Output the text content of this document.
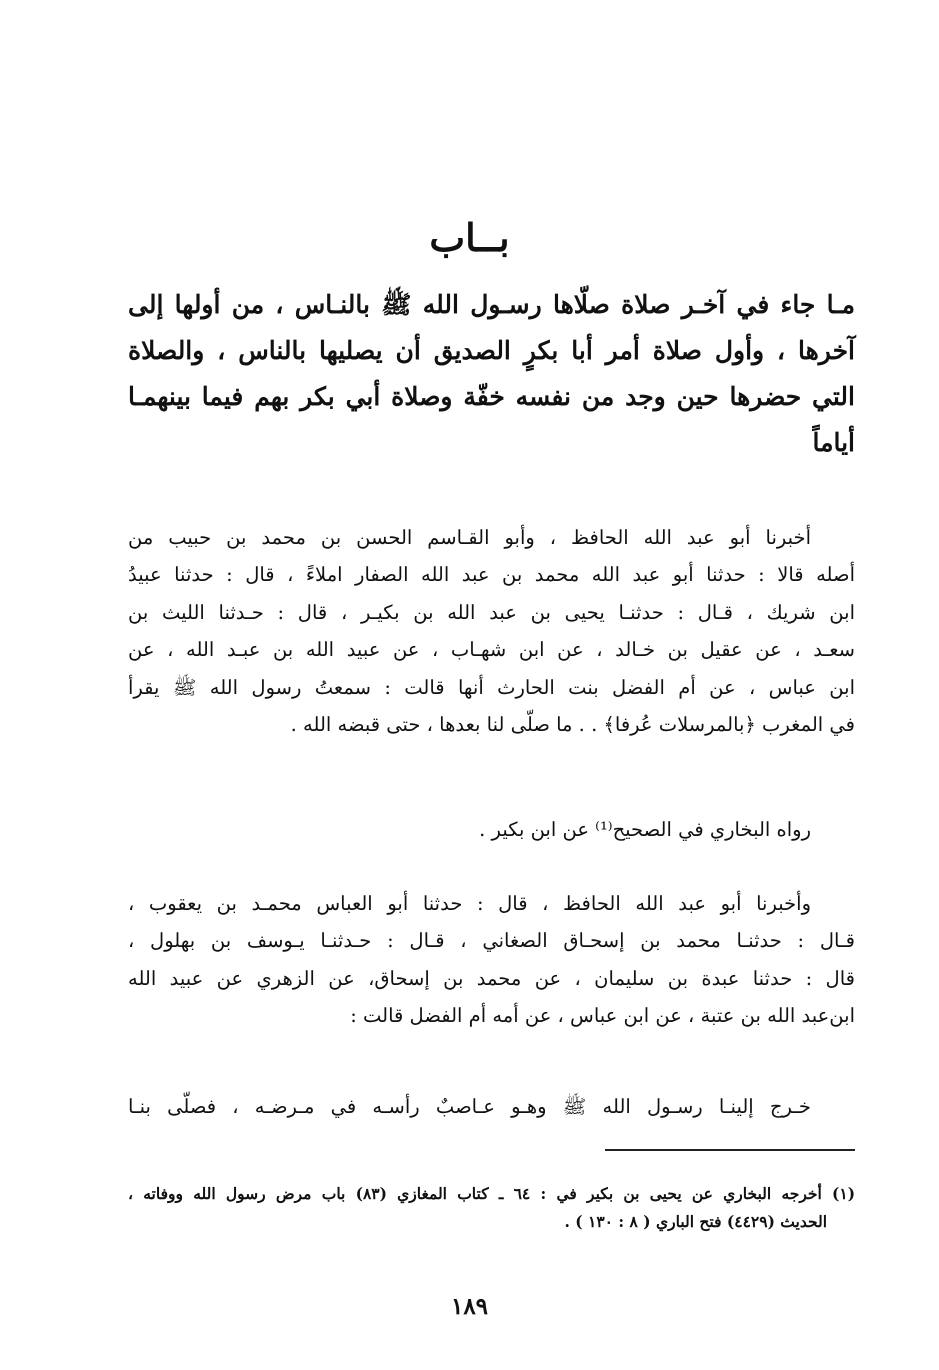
بــاب
مـا جاء في آخـر صلاة صلّاها رسـول الله ﷺ بالنـاس ، من أولها إلى
آخرها ، وأول صلاة أمر أبا بكرٍ الصديق أن يصليها بالناس ، والصلاة
التي حضرها حين وجد من نفسه خفّة وصلاة أبي بكر بهم فيما بينهمـا
أياماً

أخبرنا أبو عبد الله الحافظ ، وأبو القـاسم الحسن بن محمد بن حبيب من
أصله قالا : حدثنا أبو عبد الله محمد بن عبد الله الصفار املاءً ، قال : حدثنا عبيدُ
ابن شريك ، قـال : حدثنـا يحيى بن عبد الله بن بكيـر ، قال : حـدثنا الليث بن
سعـد ، عن عقيل بن خـالد ، عن ابن شهـاب ، عن عبيد الله بن عبـد الله ، عن
ابن عباس ، عن أم الفضل بنت الحارث أنها قالت : سمعتُ رسول الله ﷺ يقرأ
في المغرب ﴿بالمرسلات عُرفا﴾ . . ما صلّى لنا بعدها ، حتى قبضه الله .

رواه البخاري في الصحيح⁽¹⁾ عن ابن بكير .

وأخبرنا أبو عبد الله الحافظ ، قال : حدثنا أبو العباس محمـد بن يعقوب ،
قـال : حدثنـا محمد بن إسحـاق الصغاني ، قـال : حـدثنـا يـوسف بن بهلول ،
قال : حدثنا عبدة بن سليمان ، عن محمد بن إسحاق، عن الزهري عن عبيد الله
ابن‌عبد الله بن عتبة ، عن ابن عباس ، عن أمه أم الفضل قالت :

خـرج إلينـا رسـول الله ﷺ وهـو عـاصبٌ رأسـه في مـرضـه ، فصلّى بنـا

(١) أخرجه البخاري عن يحيى بن بكير في : ٦٤ ـ كتاب المغازي (٨٣) باب مرض رسول الله ووفاته ،
الحديث (٤٤٢٩) فتح الباري ( ٨ : ١٣٠ ) .

١٨٩
